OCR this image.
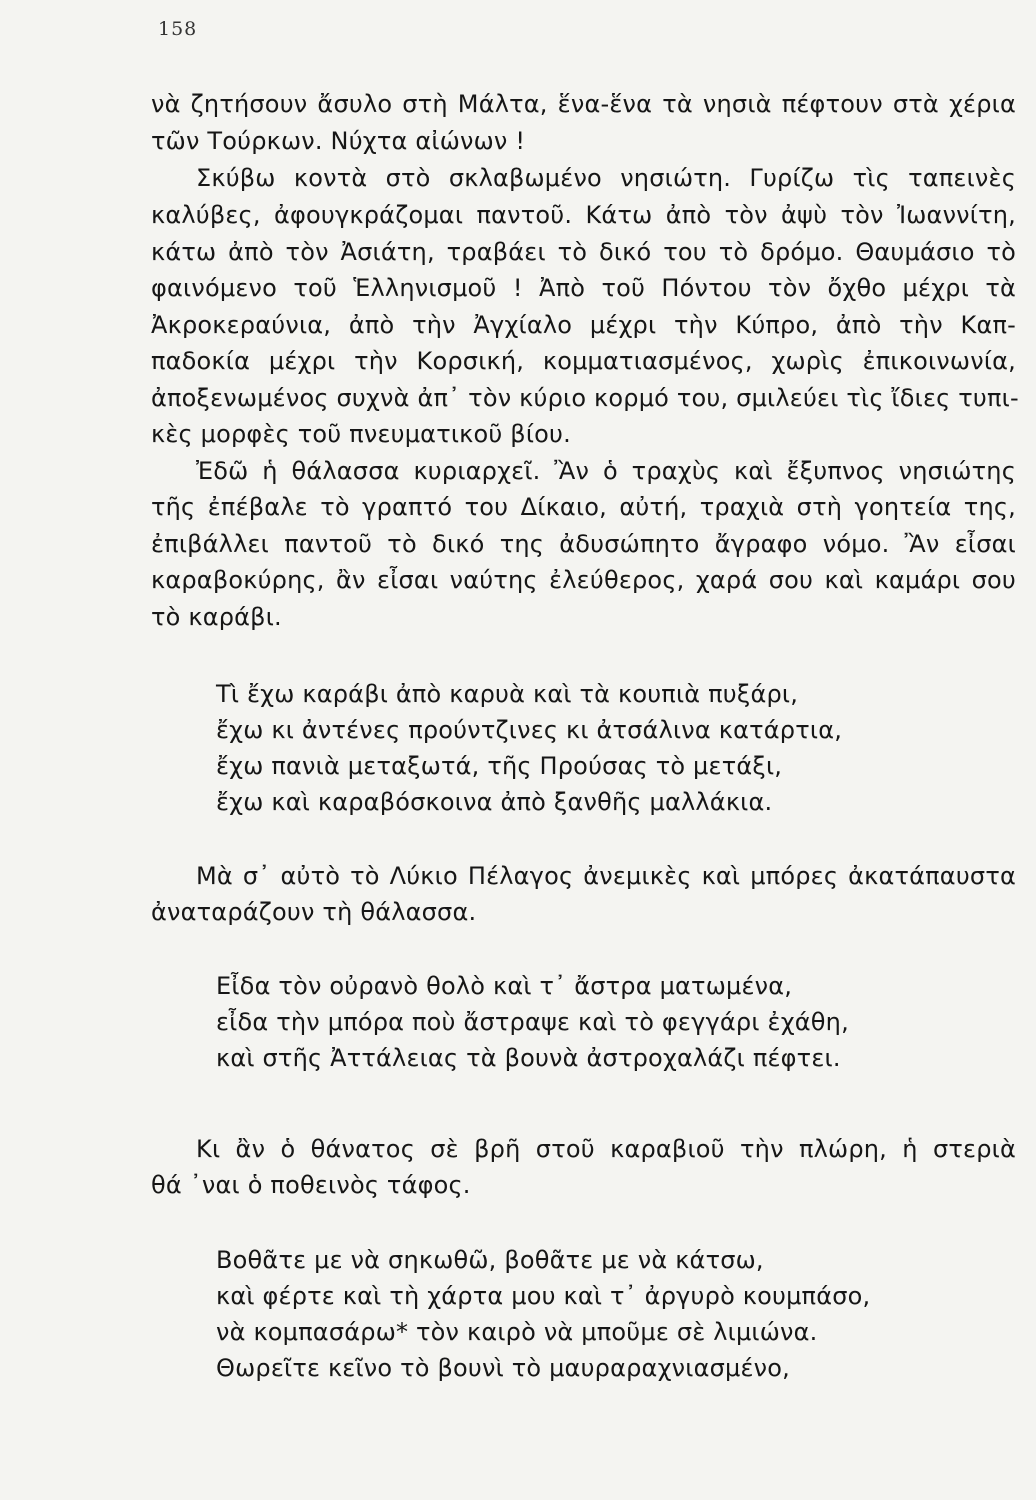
158
νὰ ζητήσουν ἄσυλο στὴ Μάλτα, ἕνα-ἕνα τὰ νησιὰ πέφτουν στὰ χέρια
τῶν Τούρκων. Νύχτα αἰώνων !
Σκύβω κοντὰ στὸ σκλαβωμένο νησιώτη. Γυρίζω τὶς ταπεινὲς
καλύβες, ἀφουγκράζομαι παντοῦ. Κάτω ἀπὸ τὸν ἀψὺ τὸν Ἰωαννίτη,
κάτω ἀπὸ τὸν Ἀσιάτη, τραβάει τὸ δικό του τὸ δρόμο. Θαυμάσιο τὸ
φαινόμενο τοῦ Ἑλληνισμοῦ ! Ἀπὸ τοῦ Πόντου τὸν ὄχθο μέχρι τὰ
Ἀκροκεραύνια, ἀπὸ τὴν Ἀγχίαλο μέχρι τὴν Κύπρο, ἀπὸ τὴν Καπ-
παδοκία μέχρι τὴν Κορσική, κομματιασμένος, χωρὶς ἐπικοινωνία,
ἀποξενωμένος συχνὰ ἀπ᾽ τὸν κύριο κορμό του, σμιλεύει τὶς ἴδιες τυπι-
κὲς μορφὲς τοῦ πνευματικοῦ βίου.
Ἐδῶ ἡ θάλασσα κυριαρχεῖ. Ἂν ὁ τραχὺς καὶ ἔξυπνος νησιώτης
τῆς ἐπέβαλε τὸ γραπτό του Δίκαιο, αὐτή, τραχιὰ στὴ γοητεία της,
ἐπιβάλλει παντοῦ τὸ δικό της ἀδυσώπητο ἄγραφο νόμο. Ἂν εἶσαι
καραβοκύρης, ἂν εἶσαι ναύτης ἐλεύθερος, χαρά σου καὶ καμάρι σου
τὸ καράβι.
Τὶ ἔχω καράβι ἀπὸ καρυὰ καὶ τὰ κουπιὰ πυξάρι,
ἔχω κι ἀντένες προύντζινες κι ἀτσάλινα κατάρτια,
ἔχω πανιὰ μεταξωτά, τῆς Προύσας τὸ μετάξι,
ἔχω καὶ καραβόσκοινα ἀπὸ ξανθῆς μαλλάκια.
Μὰ σ᾽ αὐτὸ τὸ Λύκιο Πέλαγος ἀνεμικὲς καὶ μπόρες ἀκατάπαυστα
ἀναταράζουν τὴ θάλασσα.
Εἶδα τὸν οὐρανὸ θολὸ καὶ τ᾽ ἄστρα ματωμένα,
εἶδα τὴν μπόρα ποὺ ἄστραψε καὶ τὸ φεγγάρι ἐχάθη,
καὶ στῆς Ἀττάλειας τὰ βουνὰ ἀστροχαλάζι πέφτει.
Κι ἂν ὁ θάνατος σὲ βρῆ στοῦ καραβιοῦ τὴν πλώρη, ἡ στεριὰ
θά ᾽ναι ὁ ποθεινὸς τάφος.
Βοθᾶτε με νὰ σηκωθῶ, βοθᾶτε με νὰ κάτσω,
καὶ φέρτε καὶ τὴ χάρτα μου καὶ τ᾽ ἀργυρὸ κουμπάσο,
νὰ κομπασάρω* τὸν καιρὸ νὰ μποῦμε σὲ λιμιώνα.
Θωρεῖτε κεῖνο τὸ βουνὶ τὸ μαυραραχνιασμένο,
